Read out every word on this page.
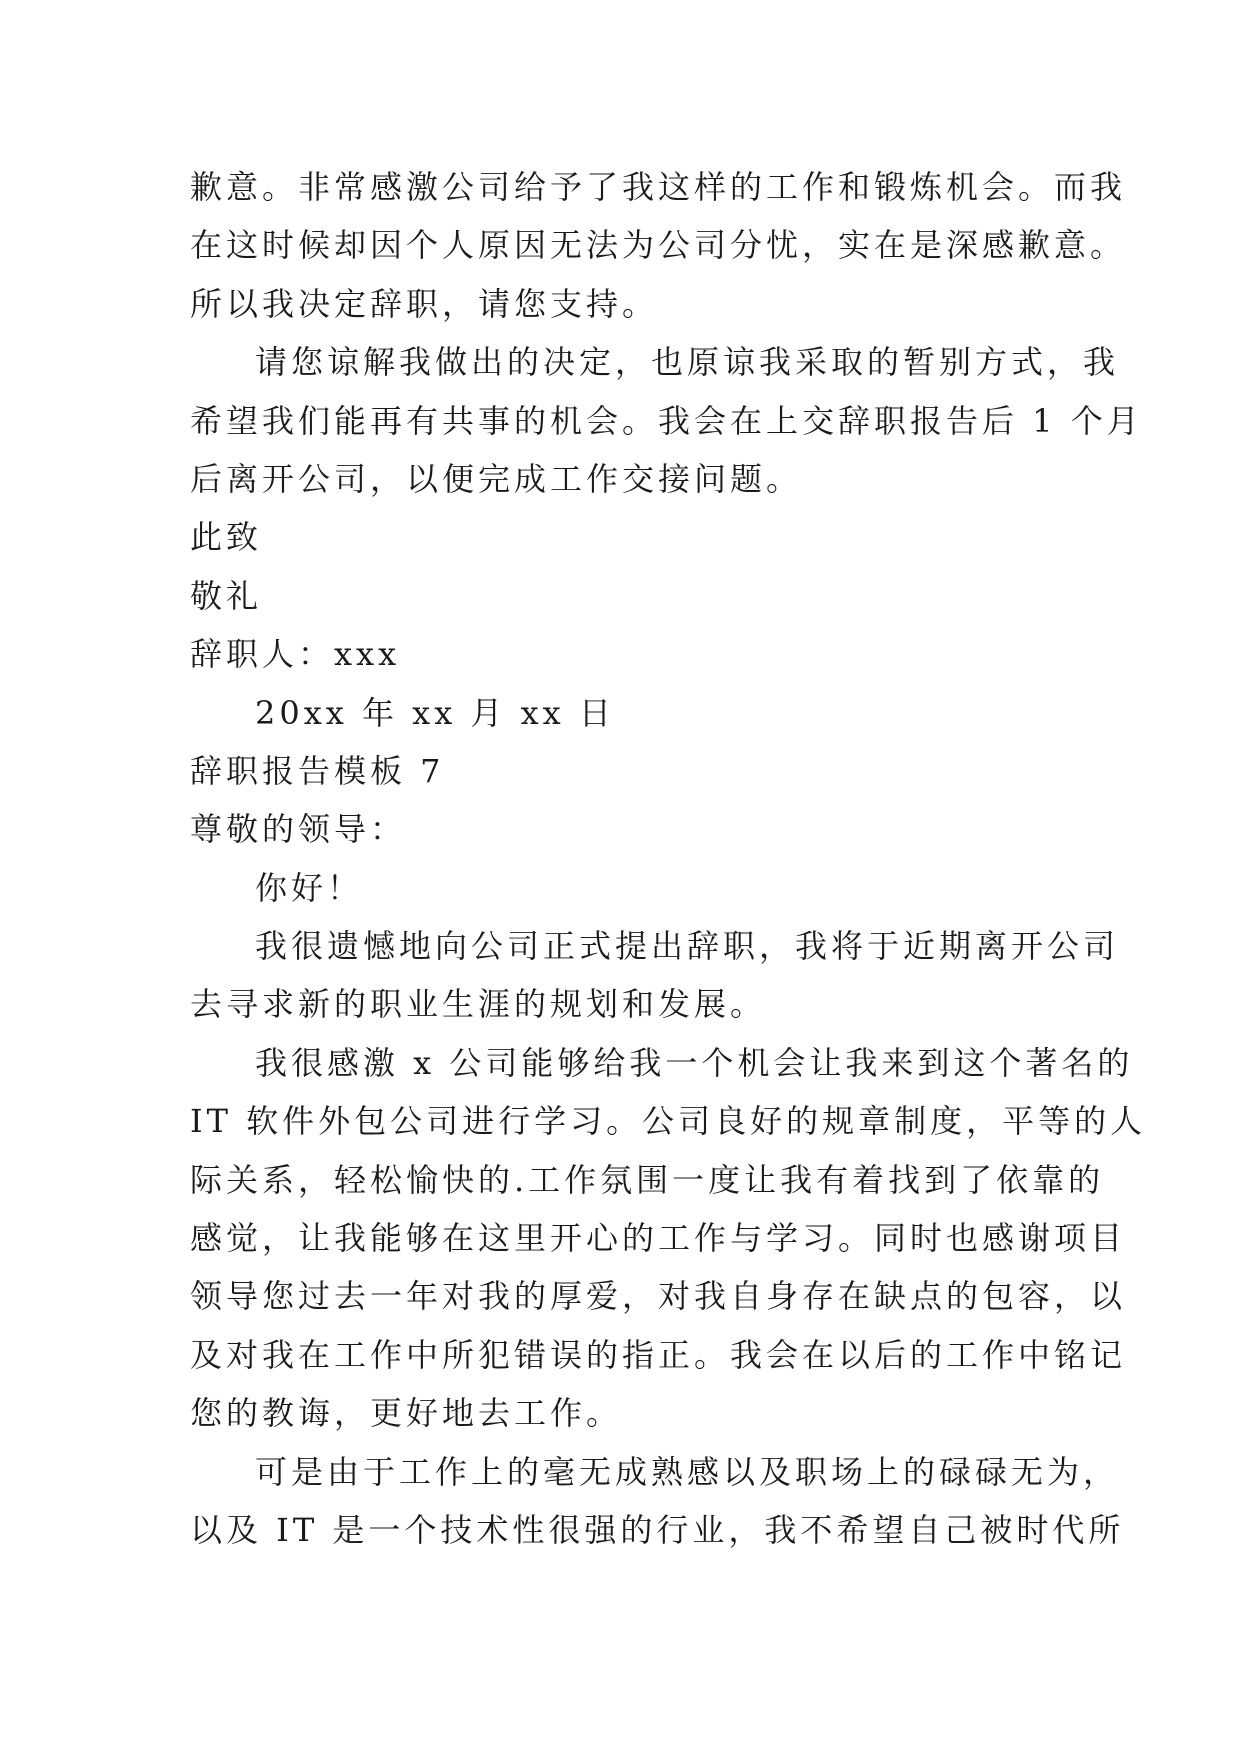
歉意。非常感激公司给予了我这样的工作和锻炼机会。而我
在这时候却因个人原因无法为公司分忧，实在是深感歉意。
所以我决定辞职，请您支持。
请您谅解我做出的决定，也原谅我采取的暂别方式，我
希望我们能再有共事的机会。我会在上交辞职报告后 1 个月
后离开公司，以便完成工作交接问题。
此致
敬礼
辞职人：xxx
20xx 年 xx 月 xx 日
辞职报告模板 7
尊敬的领导：
你好！
我很遗憾地向公司正式提出辞职，我将于近期离开公司
去寻求新的职业生涯的规划和发展。
我很感激 x 公司能够给我一个机会让我来到这个著名的
IT 软件外包公司进行学习。公司良好的规章制度，平等的人
际关系，轻松愉快的.工作氛围一度让我有着找到了依靠的
感觉，让我能够在这里开心的工作与学习。同时也感谢项目
领导您过去一年对我的厚爱，对我自身存在缺点的包容，以
及对我在工作中所犯错误的指正。我会在以后的工作中铭记
您的教诲，更好地去工作。
可是由于工作上的毫无成熟感以及职场上的碌碌无为，
以及 IT 是一个技术性很强的行业，我不希望自己被时代所
